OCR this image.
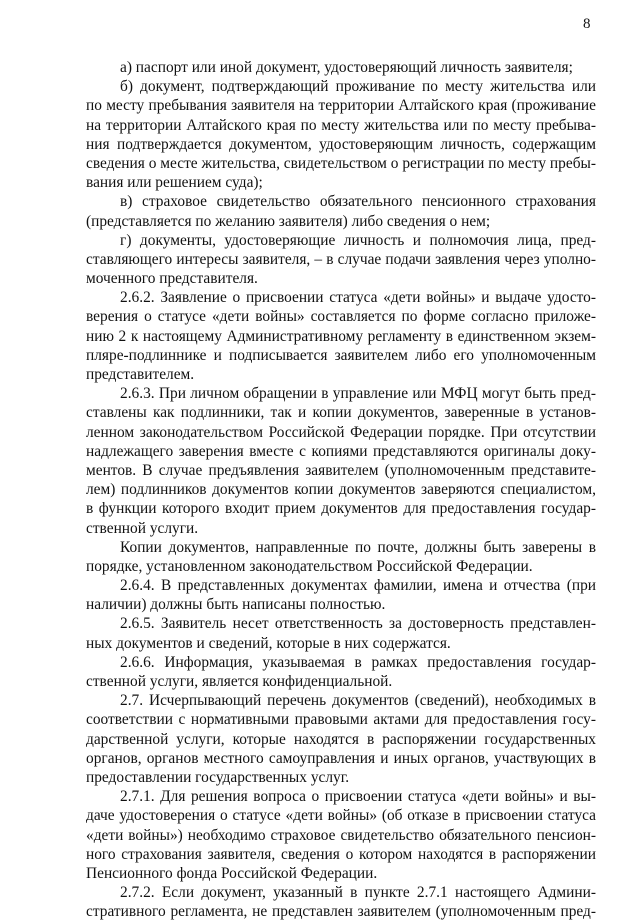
8
а) паспорт или иной документ, удостоверяющий личность заявителя;
б) документ, подтверждающий проживание по месту жительства или
по месту пребывания заявителя на территории Алтайского края (проживание
на территории Алтайского края по месту жительства или по месту пребыва-
ния подтверждается документом, удостоверяющим личность, содержащим
сведения о месте жительства, свидетельством о регистрации по месту пребы-
вания или решением суда);
в) страховое свидетельство обязательного пенсионного страхования
(представляется по желанию заявителя) либо сведения о нем;
г) документы, удостоверяющие личность и полномочия лица, пред-
ставляющего интересы заявителя, – в случае подачи заявления через уполно-
моченного представителя.
2.6.2. Заявление о присвоении статуса «дети войны» и выдаче удосто-
верения о статусе «дети войны» составляется по форме согласно приложе-
нию 2 к настоящему Административному регламенту в единственном экзем-
пляре-подлиннике и подписывается заявителем либо его уполномоченным
представителем.
2.6.3. При личном обращении в управление или МФЦ могут быть пред-
ставлены как подлинники, так и копии документов, заверенные в установ-
ленном законодательством Российской Федерации порядке. При отсутствии
надлежащего заверения вместе с копиями представляются оригиналы доку-
ментов. В случае предъявления заявителем (уполномоченным представите-
лем) подлинников документов копии документов заверяются специалистом,
в функции которого входит прием документов для предоставления государ-
ственной услуги.
Копии документов, направленные по почте, должны быть заверены в
порядке, установленном законодательством Российской Федерации.
2.6.4. В представленных документах фамилии, имена и отчества (при
наличии) должны быть написаны полностью.
2.6.5. Заявитель несет ответственность за достоверность представлен-
ных документов и сведений, которые в них содержатся.
2.6.6. Информация, указываемая в рамках предоставления государ-
ственной услуги, является конфиденциальной.
2.7. Исчерпывающий перечень документов (сведений), необходимых в
соответствии с нормативными правовыми актами для предоставления госу-
дарственной услуги, которые находятся в распоряжении государственных
органов, органов местного самоуправления и иных органов, участвующих в
предоставлении государственных услуг.
2.7.1. Для решения вопроса о присвоении статуса «дети войны» и вы-
даче удостоверения о статусе «дети войны» (об отказе в присвоении статуса
«дети войны») необходимо страховое свидетельство обязательного пенсион-
ного страхования заявителя, сведения о котором находятся в распоряжении
Пенсионного фонда Российской Федерации.
2.7.2. Если документ, указанный в пункте 2.7.1 настоящего Админи-
стративного регламента, не представлен заявителем (уполномоченным пред-
